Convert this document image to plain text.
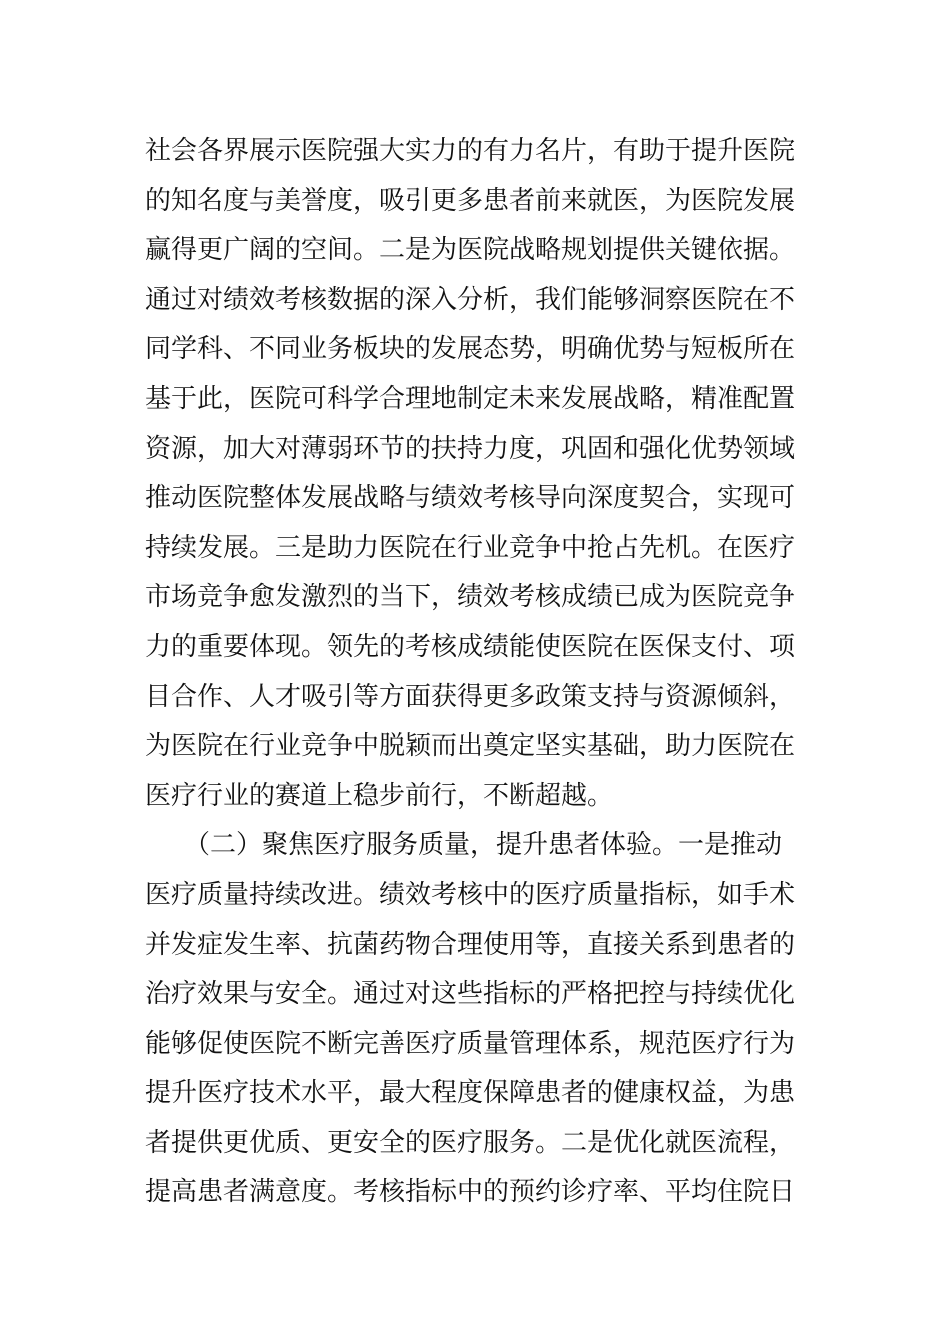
社会各界展示医院强大实力的有力名片，有助于提升医院
的知名度与美誉度，吸引更多患者前来就医，为医院发展
赢得更广阔的空间。二是为医院战略规划提供关键依据。
通过对绩效考核数据的深入分析，我们能够洞察医院在不
同学科、不同业务板块的发展态势，明确优势与短板所在
基于此，医院可科学合理地制定未来发展战略，精准配置
资源，加大对薄弱环节的扶持力度，巩固和强化优势领域
推动医院整体发展战略与绩效考核导向深度契合，实现可
持续发展。三是助力医院在行业竞争中抢占先机。在医疗
市场竞争愈发激烈的当下，绩效考核成绩已成为医院竞争
力的重要体现。领先的考核成绩能使医院在医保支付、项
目合作、人才吸引等方面获得更多政策支持与资源倾斜，
为医院在行业竞争中脱颖而出奠定坚实基础，助力医院在
医疗行业的赛道上稳步前行，不断超越。
　　（二）聚焦医疗服务质量，提升患者体验。一是推动
医疗质量持续改进。绩效考核中的医疗质量指标，如手术
并发症发生率、抗菌药物合理使用等，直接关系到患者的
治疗效果与安全。通过对这些指标的严格把控与持续优化
能够促使医院不断完善医疗质量管理体系，规范医疗行为
提升医疗技术水平，最大程度保障患者的健康权益，为患
者提供更优质、更安全的医疗服务。二是优化就医流程，
提高患者满意度。考核指标中的预约诊疗率、平均住院日
